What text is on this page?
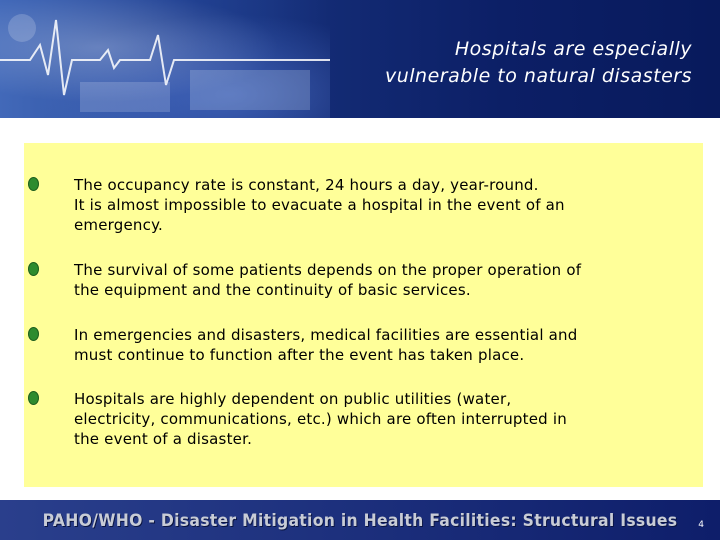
Hospitals are especially
vulnerable to natural disasters
The occupancy rate is constant, 24 hours a day, year-round.
It is almost impossible to evacuate a hospital in the event of an
emergency.
The survival of some patients depends on the proper operation of
the equipment and the continuity of basic services.
In emergencies and disasters, medical facilities are essential and
must continue to function after the event has taken place.
Hospitals are highly dependent on public utilities (water,
electricity, communications, etc.) which are often interrupted in
the event of a disaster.
PAHO/WHO - Disaster Mitigation in Health Facilities: Structural Issues	4
